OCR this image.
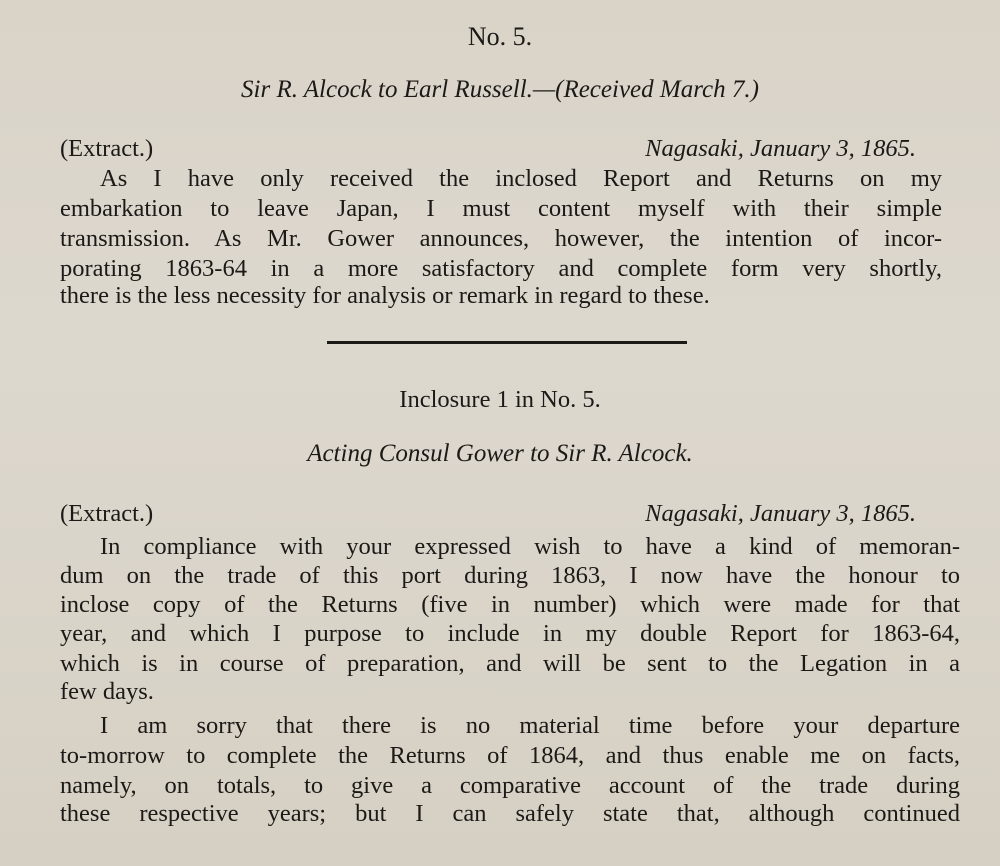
No. 5.
Sir R. Alcock to Earl Russell.—(Received March 7.)
(Extract.)	Nagasaki, January 3, 1865.
As I have only received the inclosed Report and Returns on my
embarkation to leave Japan, I must content myself with their simple
transmission. As Mr. Gower announces, however, the intention of incor-
porating 1863-64 in a more satisfactory and complete form very shortly,
there is the less necessity for analysis or remark in regard to these.
Inclosure 1 in No. 5.
Acting Consul Gower to Sir R. Alcock.
(Extract.)	Nagasaki, January 3, 1865.
In compliance with your expressed wish to have a kind of memoran-
dum on the trade of this port during 1863, I now have the honour to
inclose copy of the Returns (five in number) which were made for that
year, and which I purpose to include in my double Report for 1863-64,
which is in course of preparation, and will be sent to the Legation in a
few days.
I am sorry that there is no material time before your departure
to-morrow to complete the Returns of 1864, and thus enable me on facts,
namely, on totals, to give a comparative account of the trade during
these respective years; but I can safely state that, although continued
